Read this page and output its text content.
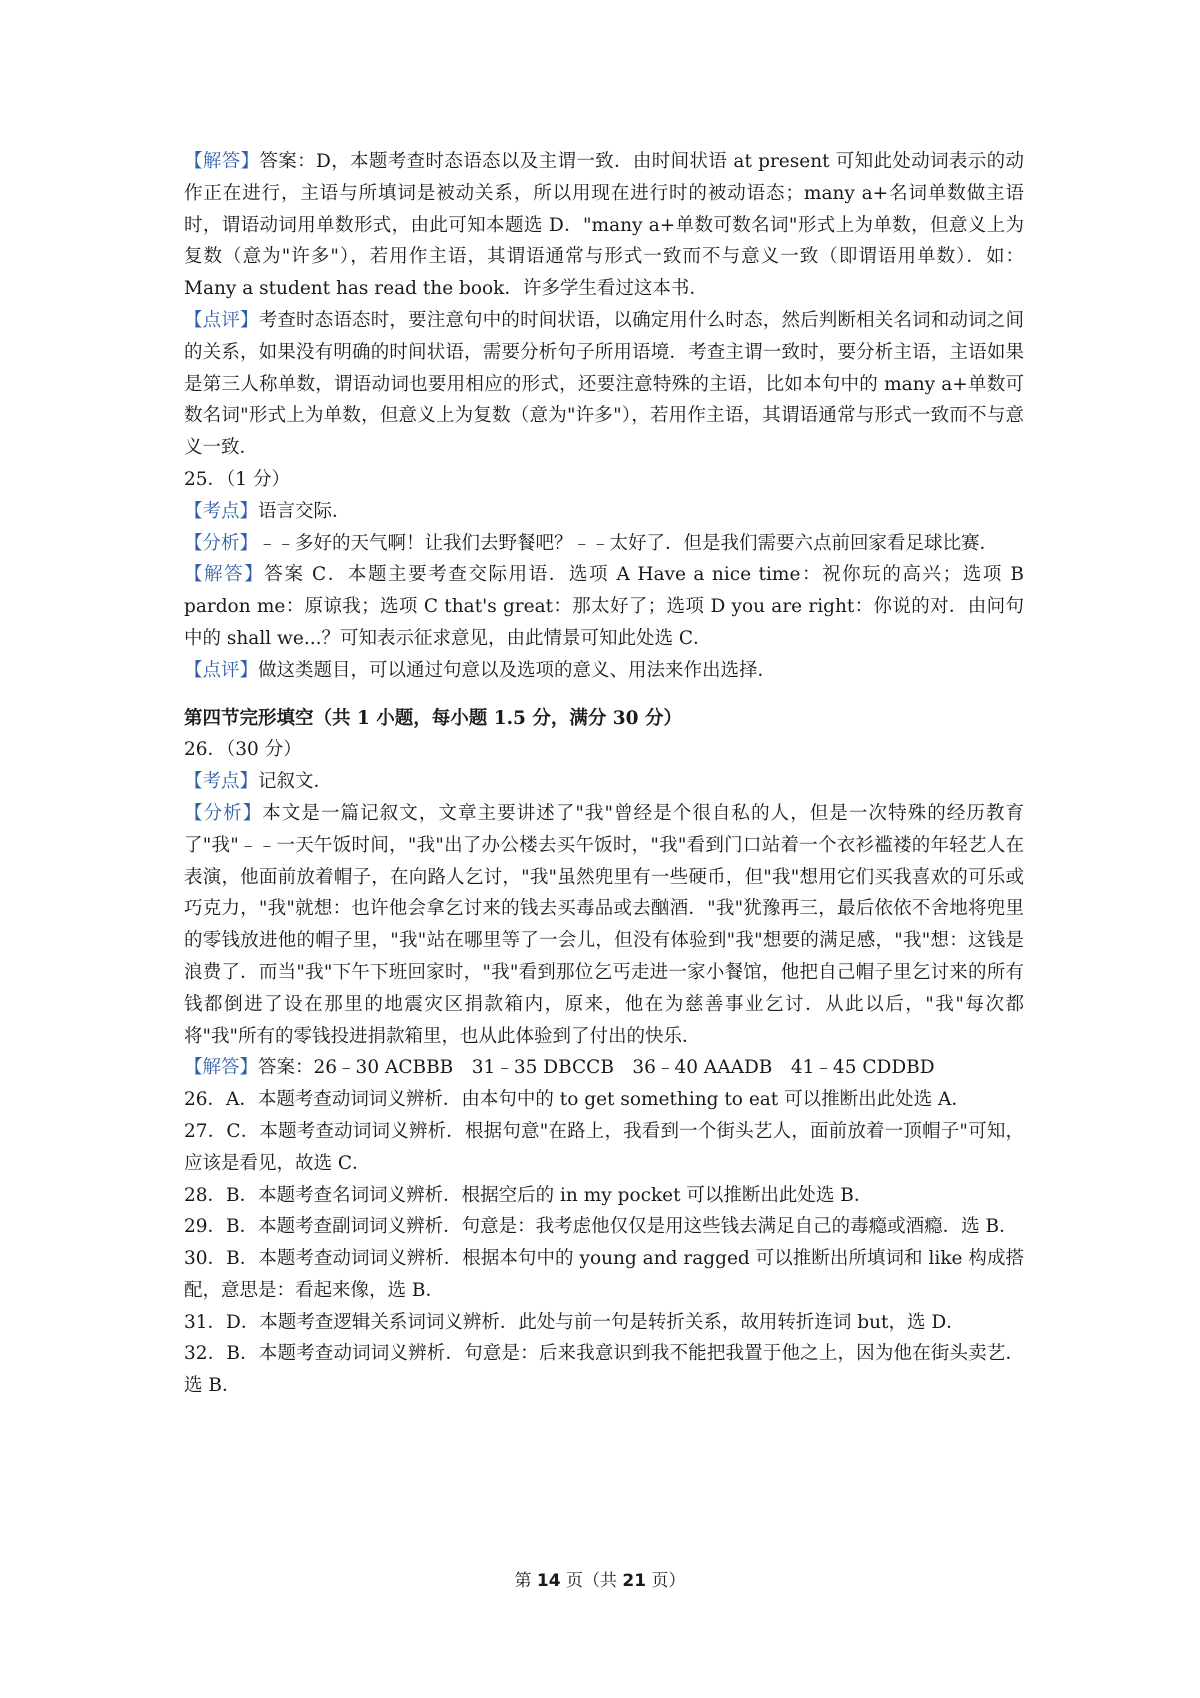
【解答】答案：D，本题考查时态语态以及主谓一致．由时间状语 at present 可知此处动词表示的动作正在进行，主语与所填词是被动关系，所以用现在进行时的被动语态；many a+名词单数做主语时，谓语动词用单数形式，由此可知本题选 D．"many a+单数可数名词"形式上为单数，但意义上为复数（意为"许多"），若用作主语，其谓语通常与形式一致而不与意义一致（即谓语用单数）．如：Many a student has read the book．许多学生看过这本书．

【点评】考查时态语态时，要注意句中的时间状语，以确定用什么时态，然后判断相关名词和动词之间的关系，如果没有明确的时间状语，需要分析句子所用语境．考查主谓一致时，要分析主语，主语如果是第三人称单数，谓语动词也要用相应的形式，还要注意特殊的主语，比如本句中的 many a+单数可数名词"形式上为单数，但意义上为复数（意为"许多"），若用作主语，其谓语通常与形式一致而不与意义一致．

25．（1 分）

【考点】语言交际．

【分析】﹣﹣多好的天气啊！让我们去野餐吧？﹣﹣太好了．但是我们需要六点前回家看足球比赛．

【解答】答案 C．本题主要考查交际用语．选项 A Have a nice time：祝你玩的高兴；选项 B pardon me：原谅我；选项 C that's great：那太好了；选项 D you are right：你说的对．由问句中的 shall we...？可知表示征求意见，由此情景可知此处选 C．

【点评】做这类题目，可以通过句意以及选项的意义、用法来作出选择．

第四节完形填空（共 1 小题，每小题 1.5 分，满分 30 分）

26．（30 分）

【考点】记叙文．

【分析】本文是一篇记叙文，文章主要讲述了"我"曾经是个很自私的人，但是一次特殊的经历教育了"我"﹣﹣一天午饭时间，"我"出了办公楼去买午饭时，"我"看到门口站着一个衣衫褴褛的年轻艺人在表演，他面前放着帽子，在向路人乞讨，"我"虽然兜里有一些硬币，但"我"想用它们买我喜欢的可乐或巧克力，"我"就想：也许他会拿乞讨来的钱去买毒品或去酗酒．"我"犹豫再三，最后依依不舍地将兜里的零钱放进他的帽子里，"我"站在哪里等了一会儿，但没有体验到"我"想要的满足感，"我"想：这钱是浪费了．而当"我"下午下班回家时，"我"看到那位乞丐走进一家小餐馆，他把自己帽子里乞讨来的所有钱都倒进了设在那里的地震灾区捐款箱内，原来，他在为慈善事业乞讨．从此以后，"我"每次都将"我"所有的零钱投进捐款箱里，也从此体验到了付出的快乐．

【解答】答案：26﹣30 ACBBB　31﹣35 DBCCB　36﹣40 AAADB　41﹣45 CDDBD

26．A．本题考查动词词义辨析．由本句中的 to get something to eat 可以推断出此处选 A．

27．C．本题考查动词词义辨析．根据句意"在路上，我看到一个街头艺人，面前放着一顶帽子"可知，应该是看见，故选 C．

28．B．本题考查名词词义辨析．根据空后的 in my pocket 可以推断出此处选 B．

29．B．本题考查副词词义辨析．句意是：我考虑他仅仅是用这些钱去满足自己的毒瘾或酒瘾．选 B．

30．B．本题考查动词词义辨析．根据本句中的 young and ragged 可以推断出所填词和 like 构成搭配，意思是：看起来像，选 B．

31．D．本题考查逻辑关系词词义辨析．此处与前一句是转折关系，故用转折连词 but，选 D．

32．B．本题考查动词词义辨析．句意是：后来我意识到我不能把我置于他之上，因为他在街头卖艺．选 B．

第 14 页（共 21 页）
